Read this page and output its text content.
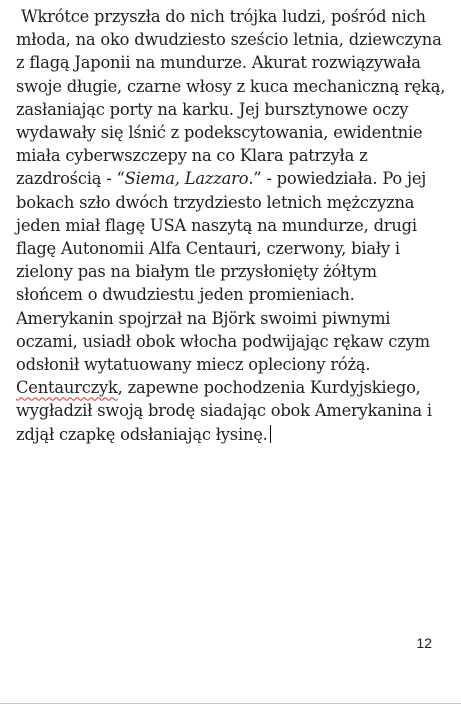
Wkrótce przyszła do nich trójka ludzi, pośród nich
młoda, na oko dwudziesto sześcio letnia, dziewczyna
z flagą Japonii na mundurze. Akurat rozwiązywała
swoje długie, czarne włosy z kuca mechaniczną ręką,
zasłaniając porty na karku. Jej bursztynowe oczy
wydawały się lśnić z podekscytowania, ewidentnie
miała cyberwszczepy na co Klara patrzyła z
zazdrością - “Siema, Lazzaro.” - powiedziała. Po jej
bokach szło dwóch trzydziesto letnich mężczyzna
jeden miał flagę USA naszytą na mundurze, drugi
flagę Autonomii Alfa Centauri, czerwony, biały i
zielony pas na białym tle przysłonięty żółtym
słońcem o dwudziestu jeden promieniach.
Amerykanin spojrzał na Björk swoimi piwnymi
oczami, usiadł obok włocha podwijając rękaw czym
odsłonił wytatuowany miecz opleciony różą.
Centaurczyk, zapewne pochodzenia Kurdyjskiego,
wygładził swoją brodę siadając obok Amerykanina i
zdjął czapkę odsłaniając łysinę.

12
